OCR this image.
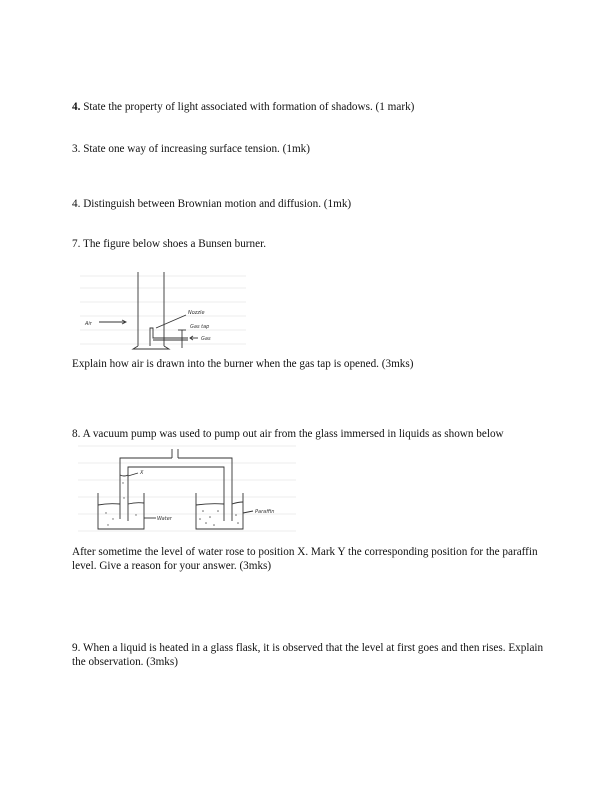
4. State the property of light associated with formation of shadows. (1 mark)
3. State one way of increasing surface tension. (1mk)
4. Distinguish between Brownian motion and diffusion. (1mk)
7. The figure below shoes a Bunsen burner.
Air
Nozzle
Gas tap
Gas
Explain how air is drawn into the burner when the gas tap is opened. (3mks)
8. A vacuum pump was used to pump out air from the glass immersed in liquids as shown below
X
Water
Paraffin
After sometime the level of water rose to position X. Mark Y the corresponding position for the paraffin level. Give a reason for your answer. (3mks)
9. When a liquid is heated in a glass flask, it is observed that the level at first goes and then rises. Explain the observation. (3mks)
